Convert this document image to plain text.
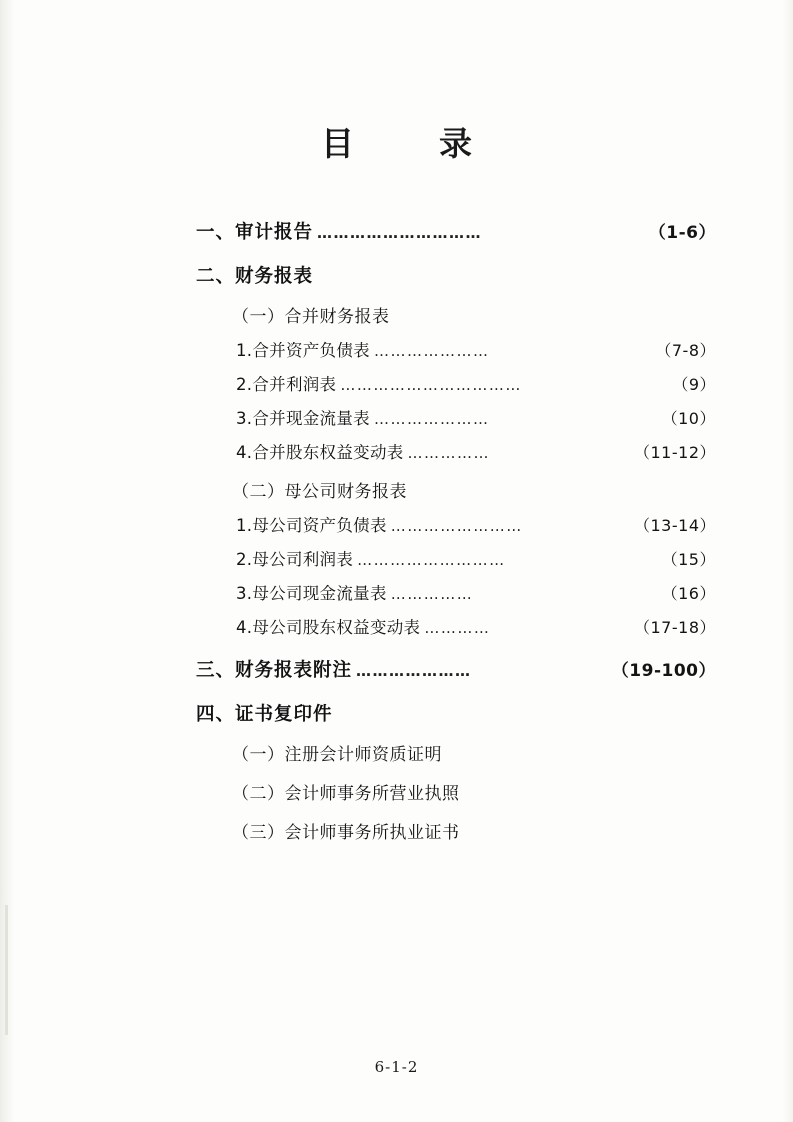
目　录
一、审计报告 …………………………	（1-6）
二、财务报表
（一）合并财务报表
1.合并资产负债表 …………………	（7-8）
2.合并利润表 ……………………………	（9）
3.合并现金流量表 …………………	（10）
4.合并股东权益变动表 ……………	（11-12）
（二）母公司财务报表
1.母公司资产负债表 ……………………	（13-14）
2.母公司利润表 ………………………	（15）
3.母公司现金流量表 ……………	（16）
4.母公司股东权益变动表 …………	（17-18）
三、财务报表附注 …………………	（19-100）
四、证书复印件
（一）注册会计师资质证明
（二）会计师事务所营业执照
（三）会计师事务所执业证书
6-1-2
